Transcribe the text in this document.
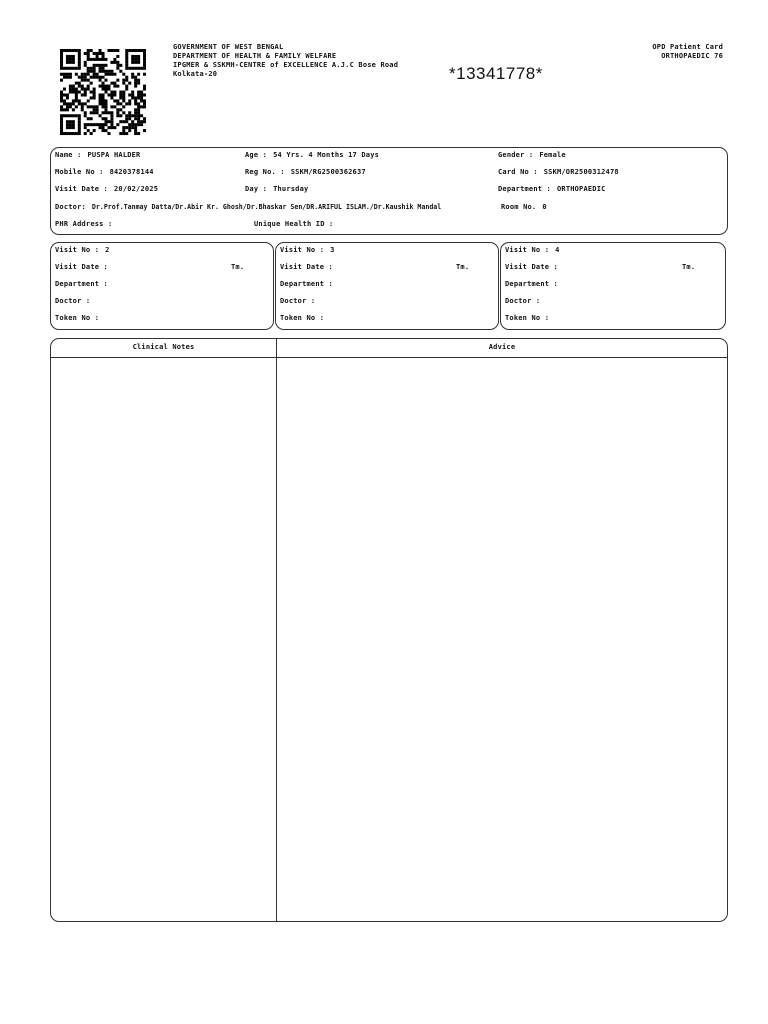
GOVERNMENT OF WEST BENGAL
DEPARTMENT OF HEALTH & FAMILY WELFARE
IPGMER & SSKMH-CENTRE of EXCELLENCE A.J.C Bose Road
Kolkata-20	*13341778*
OPD Patient Card
ORTHOPAEDIC 76
Name : PUSPA HALDER	Age : 54 Yrs. 4 Months 17 Days	Gender : Female
Mobile No : 8420378144	Reg No. : SSKM/RG2500362637	Card No : SSKM/OR2500312478
Visit Date : 20/02/2025	Day : Thursday	Department : ORTHOPAEDIC
Doctor: Dr.Prof.Tanmay Datta/Dr.Abir Kr. Ghosh/Dr.Bhaskar Sen/DR.ARIFUL ISLAM./Dr.Kaushik Mandal	Room No. 0
PHR Address :	Unique Health ID :
Visit No : 2
Visit Date :	Tm.
Department :
Doctor :
Token No :
Visit No : 3
Visit Date :	Tm.
Department :
Doctor :
Token No :
Visit No : 4
Visit Date :	Tm.
Department :
Doctor :
Token No :
Clinical Notes	Advice
